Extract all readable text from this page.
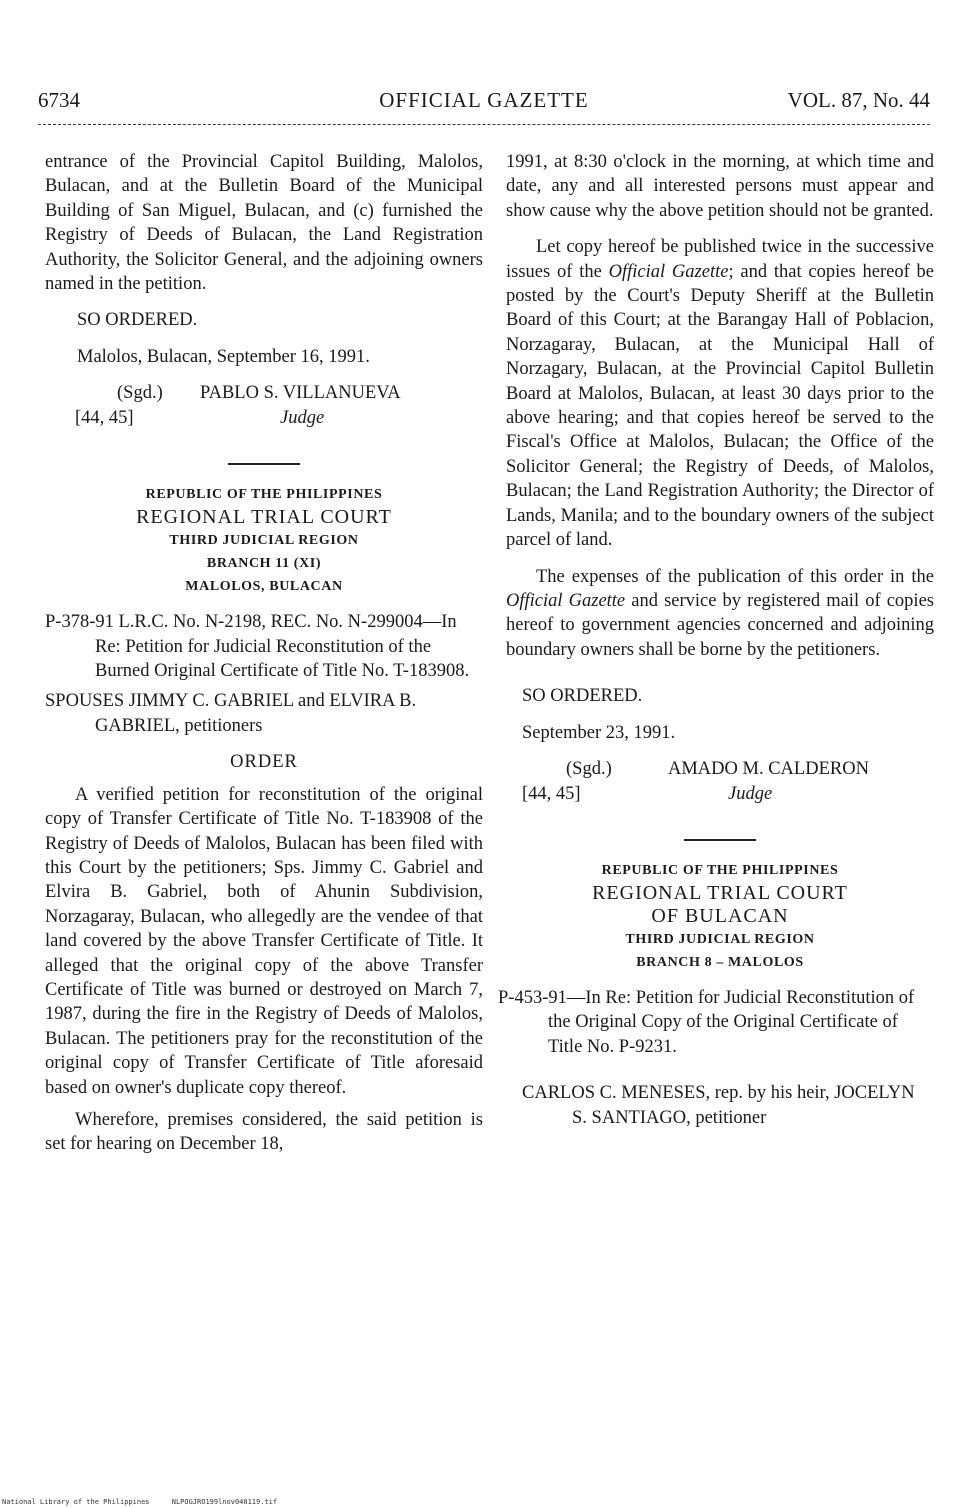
6734	OFFICIAL GAZETTE	VOL. 87, No. 44

entrance of the Provincial Capitol Building, Malolos, Bulacan, and at the Bulletin Board of the Municipal Building of San Miguel, Bulacan, and (c) furnished the Registry of Deeds of Bulacan, the Land Registration Authority, the Solicitor General, and the adjoining owners named in the petition.

SO ORDERED.

Malolos, Bulacan, September 16, 1991.

(Sgd.) PABLO S. VILLANUEVA
[44, 45]	Judge
REPUBLIC OF THE PHILIPPINES
REGIONAL TRIAL COURT
THIRD JUDICIAL REGION
BRANCH 11 (XI)
MALOLOS, BULACAN

P-378-91 L.R.C. No. N-2198, REC. No. N-299004—In Re: Petition for Judicial Reconstitution of the Burned Original Certificate of Title No. T-183908.

SPOUSES JIMMY C. GABRIEL and ELVIRA B. GABRIEL, petitioners

ORDER

A verified petition for reconstitution of the original copy of Transfer Certificate of Title No. T-183908 of the Registry of Deeds of Malolos, Bulacan has been filed with this Court by the petitioners; Sps. Jimmy C. Gabriel and Elvira B. Gabriel, both of Ahunin Subdivision, Norzagaray, Bulacan, who allegedly are the vendee of that land covered by the above Transfer Certificate of Title. It alleged that the original copy of the above Transfer Certificate of Title was burned or destroyed on March 7, 1987, during the fire in the Registry of Deeds of Malolos, Bulacan. The petitioners pray for the reconstitution of the original copy of Transfer Certificate of Title aforesaid based on owner's duplicate copy thereof.

Wherefore, premises considered, the said petition is set for hearing on December 18,

1991, at 8:30 o'clock in the morning, at which time and date, any and all interested persons must appear and show cause why the above petition should not be granted.

Let copy hereof be published twice in the successive issues of the Official Gazette; and that copies hereof be posted by the Court's Deputy Sheriff at the Bulletin Board of this Court; at the Barangay Hall of Poblacion, Norzagaray, Bulacan, at the Municipal Hall of Norzagary, Bulacan, at the Provincial Capitol Bulletin Board at Malolos, Bulacan, at least 30 days prior to the above hearing; and that copies hereof be served to the Fiscal's Office at Malolos, Bulacan; the Office of the Solicitor General; the Registry of Deeds, of Malolos, Bulacan; the Land Registration Authority; the Director of Lands, Manila; and to the boundary owners of the subject parcel of land.

The expenses of the publication of this order in the Official Gazette and service by registered mail of copies hereof to government agencies concerned and adjoining boundary owners shall be borne by the petitioners.

SO ORDERED.

September 23, 1991.

(Sgd.)	AMADO M. CALDERON
[44, 45]	Judge
REPUBLIC OF THE PHILIPPINES
REGIONAL TRIAL COURT
OF BULACAN
THIRD JUDICIAL REGION
BRANCH 8 – MALOLOS

P-453-91—In Re: Petition for Judicial Reconstitution of the Original Copy of the Original Certificate of Title No. P-9231.

CARLOS C. MENESES, rep. by his heir, JOCELYN S. SANTIAGO, petitioner

National Library of the Philippines	NLPOGJRO199lnov040119.tif
